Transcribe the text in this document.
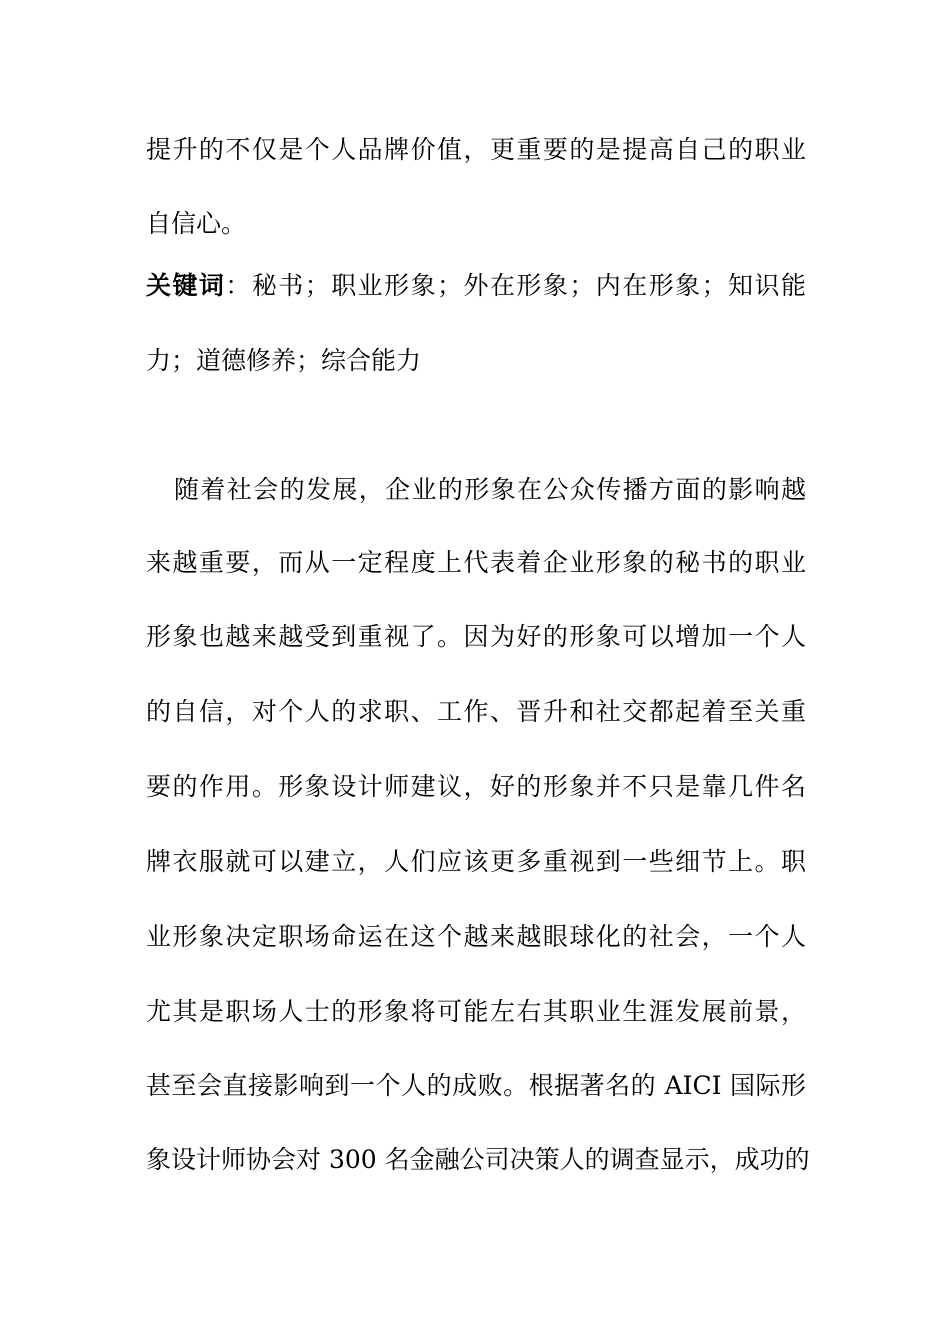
提升的不仅是个人品牌价值，更重要的是提高自己的职业
自信心。
关键词：秘书；职业形象；外在形象；内在形象；知识能
力；道德修养；综合能力
随着社会的发展，企业的形象在公众传播方面的影响越
来越重要，而从一定程度上代表着企业形象的秘书的职业
形象也越来越受到重视了。因为好的形象可以增加一个人
的自信，对个人的求职、工作、晋升和社交都起着至关重
要的作用。形象设计师建议，好的形象并不只是靠几件名
牌衣服就可以建立，人们应该更多重视到一些细节上。职
业形象决定职场命运在这个越来越眼球化的社会，一个人
尤其是职场人士的形象将可能左右其职业生涯发展前景，
甚至会直接影响到一个人的成败。根据著名的 AICI 国际形
象设计师协会对 300 名金融公司决策人的调查显示，成功的
